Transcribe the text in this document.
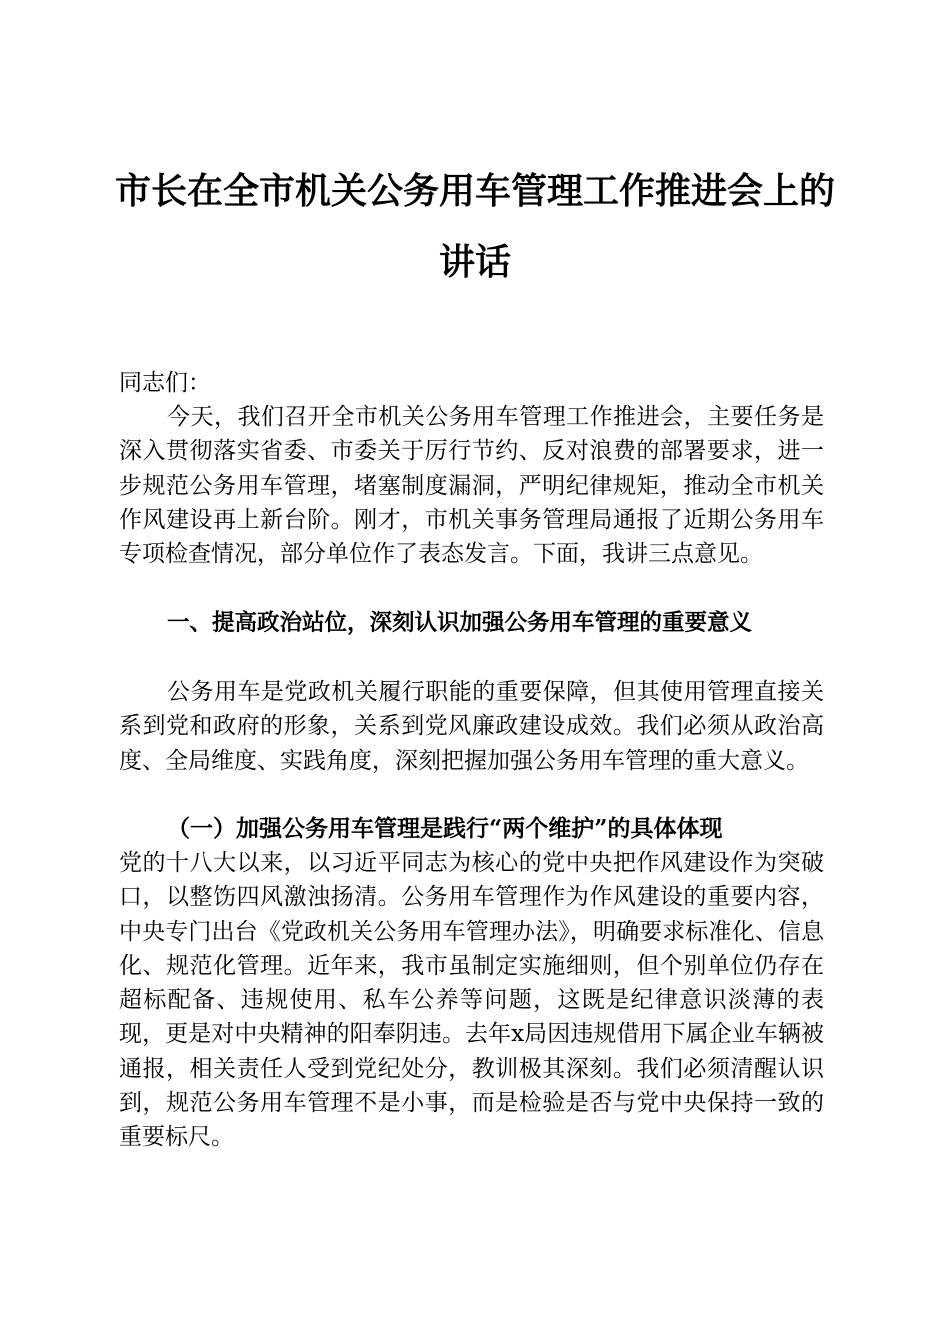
市长在全市机关公务用车管理工作推进会上的
讲话

同志们：

今天，我们召开全市机关公务用车管理工作推进会，主要任务是深入贯彻落实省委、市委关于厉行节约、反对浪费的部署要求，进一步规范公务用车管理，堵塞制度漏洞，严明纪律规矩，推动全市机关作风建设再上新台阶。刚才，市机关事务管理局通报了近期公务用车专项检查情况，部分单位作了表态发言。下面，我讲三点意见。

一、提高政治站位，深刻认识加强公务用车管理的重要意义

公务用车是党政机关履行职能的重要保障，但其使用管理直接关系到党和政府的形象，关系到党风廉政建设成效。我们必须从政治高度、全局维度、实践角度，深刻把握加强公务用车管理的重大意义。

（一）加强公务用车管理是践行“两个维护”的具体体现

党的十八大以来，以习近平同志为核心的党中央把作风建设作为突破口，以整饬四风激浊扬清。公务用车管理作为作风建设的重要内容，中央专门出台《党政机关公务用车管理办法》，明确要求标准化、信息化、规范化管理。近年来，我市虽制定实施细则，但个别单位仍存在超标配备、违规使用、私车公养等问题，这既是纪律意识淡薄的表现，更是对中央精神的阳奉阴违。去年x局因违规借用下属企业车辆被通报，相关责任人受到党纪处分，教训极其深刻。我们必须清醒认识到，规范公务用车管理不是小事，而是检验是否与党中央保持一致的重要标尺。
